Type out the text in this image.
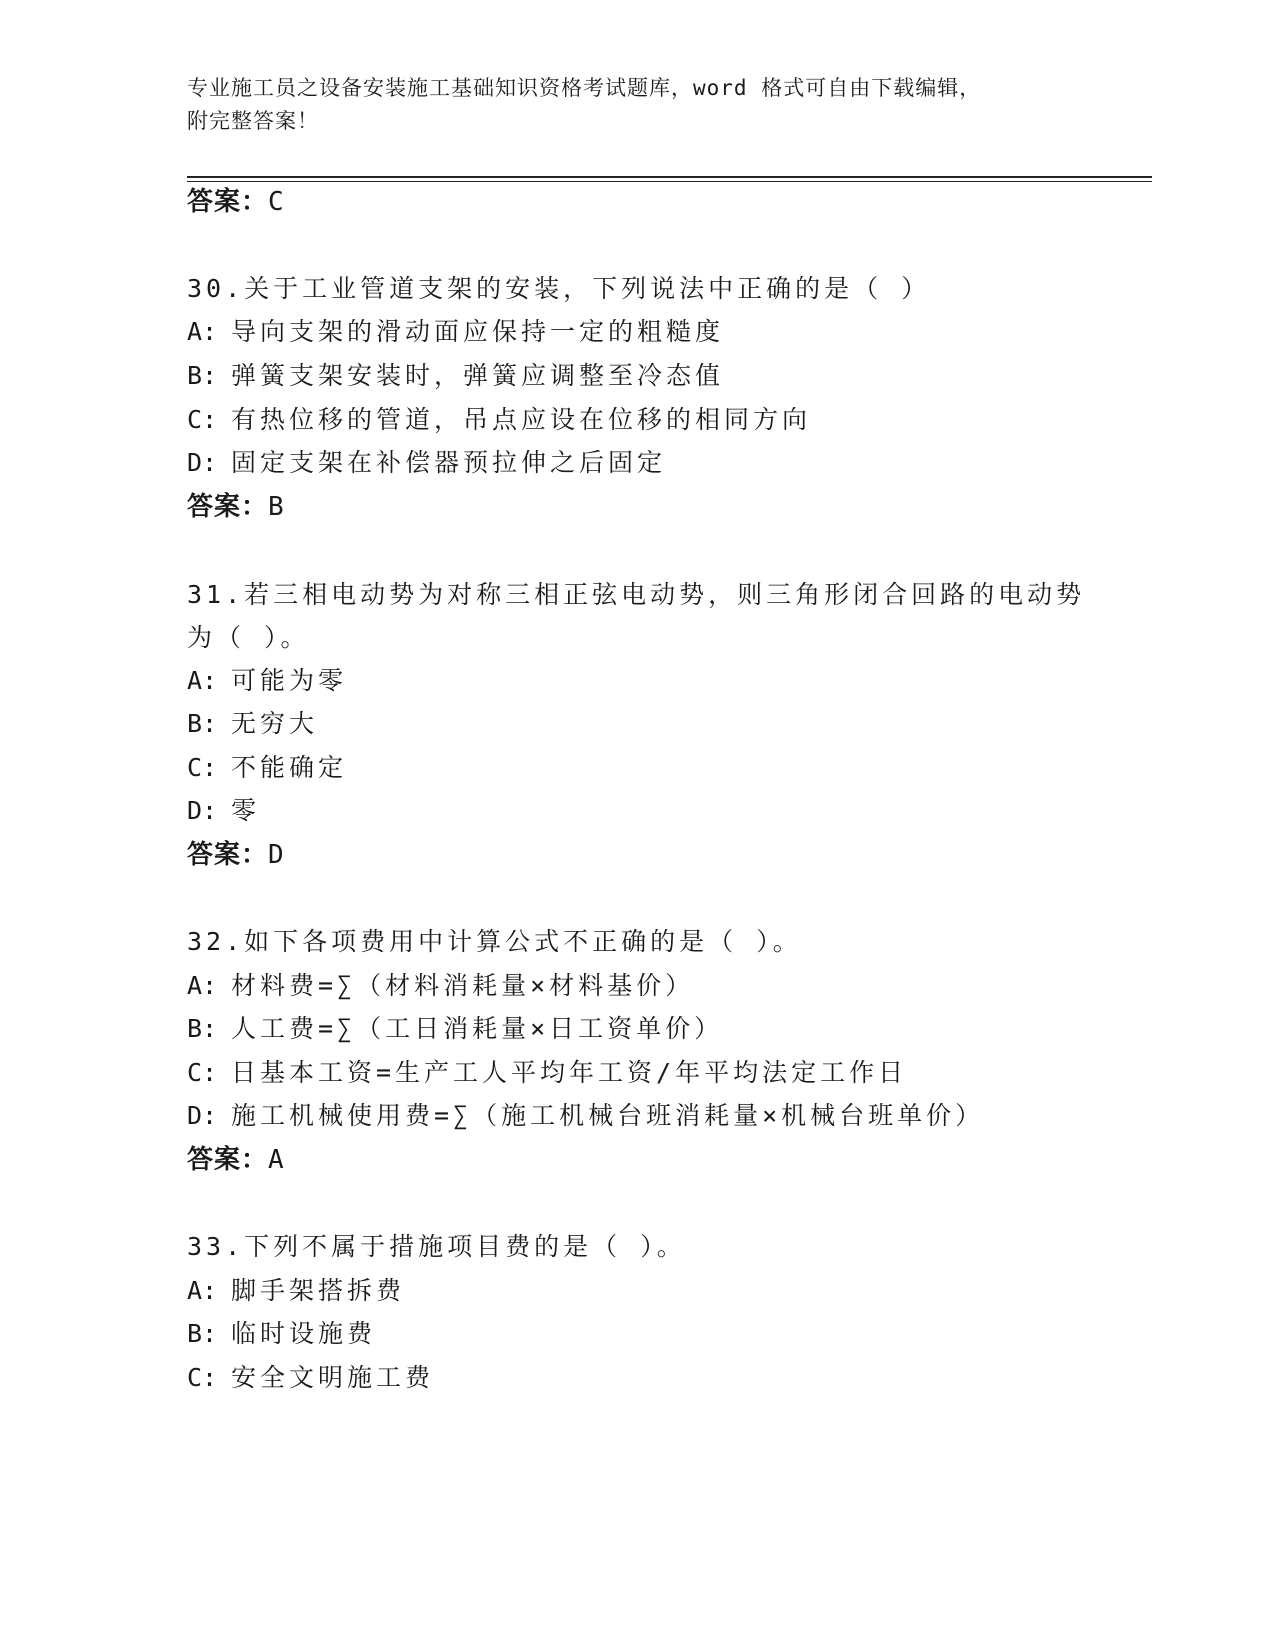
专业施工员之设备安装施工基础知识资格考试题库，word 格式可自由下载编辑，
附完整答案！
答案：C
30.关于工业管道支架的安装，下列说法中正确的是（ ）
A: 导向支架的滑动面应保持一定的粗糙度
B: 弹簧支架安装时，弹簧应调整至冷态值
C: 有热位移的管道，吊点应设在位移的相同方向
D: 固定支架在补偿器预拉伸之后固定
答案：B
31.若三相电动势为对称三相正弦电动势，则三角形闭合回路的电动势
为（ ）。
A: 可能为零
B: 无穷大
C: 不能确定
D: 零
答案：D
32.如下各项费用中计算公式不正确的是（ ）。
A: 材料费=∑（材料消耗量×材料基价）
B: 人工费=∑（工日消耗量×日工资单价）
C: 日基本工资=生产工人平均年工资/年平均法定工作日
D: 施工机械使用费=∑（施工机械台班消耗量×机械台班单价）
答案：A
33.下列不属于措施项目费的是（ ）。
A: 脚手架搭拆费
B: 临时设施费
C: 安全文明施工费
